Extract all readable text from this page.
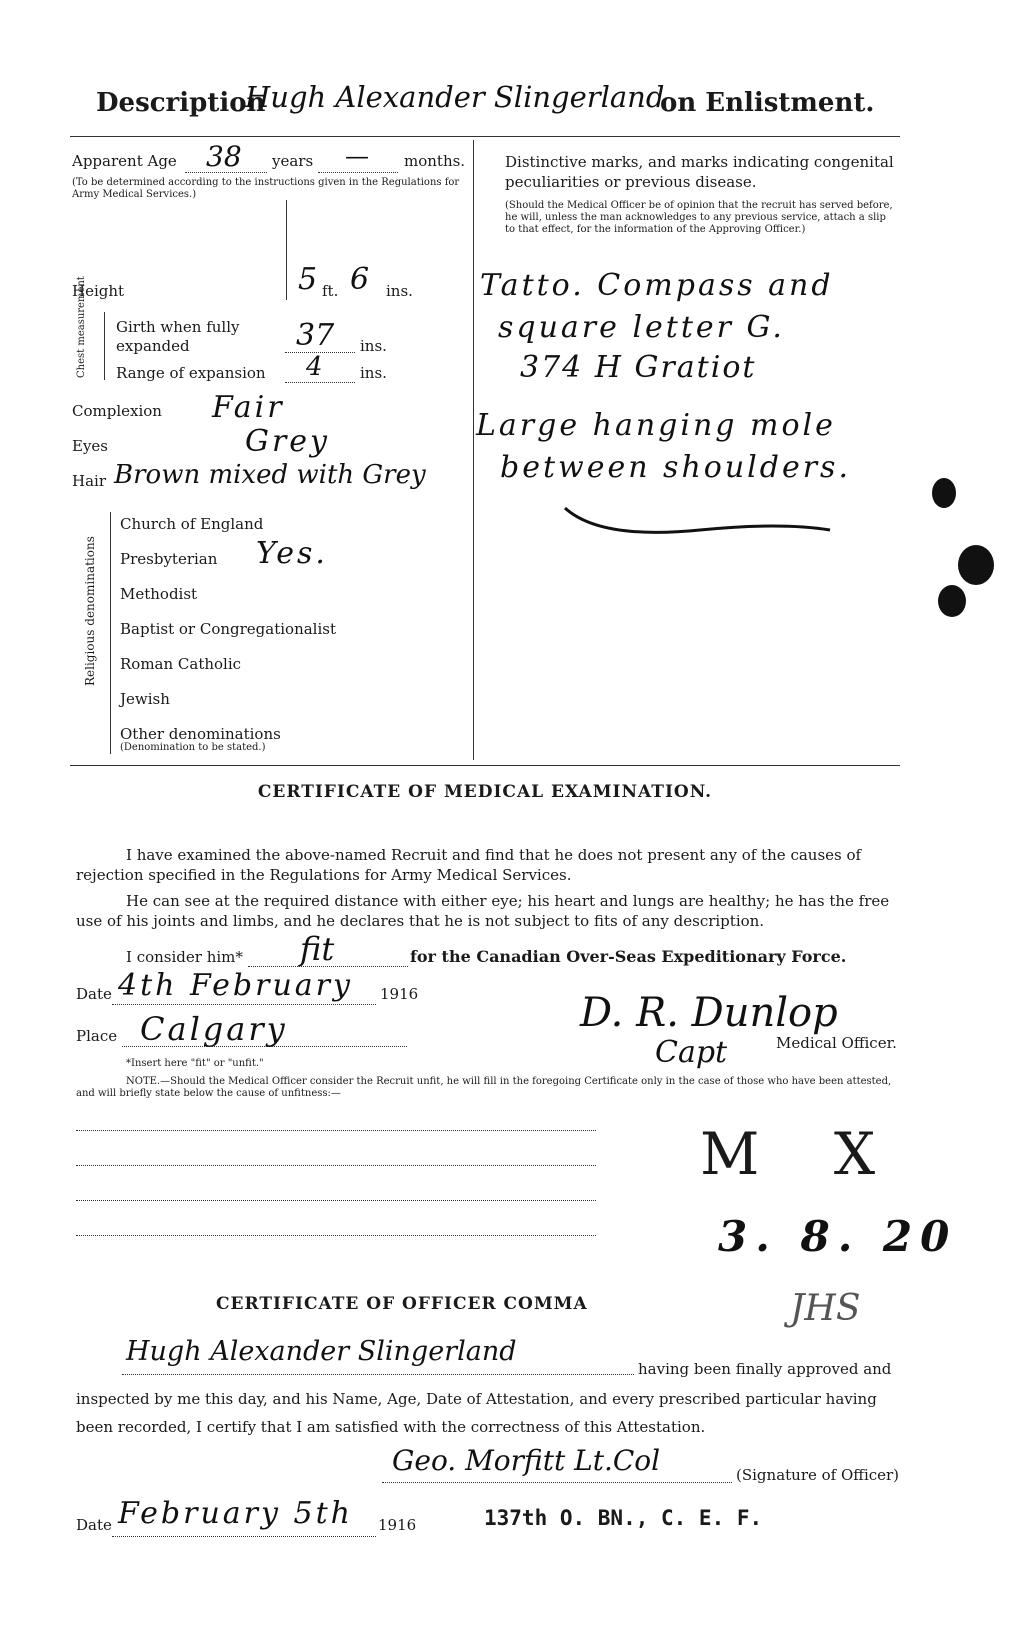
Description
Hugh Alexander Slingerland
on Enlistment.
Apparent Age 38 years — months.
(To be determined according to the instructions given in the Regulations for Army Medical Services.)
Distinctive marks, and marks indicating congenital peculiarities or previous disease.
(Should the Medical Officer be of opinion that the recruit has served before, he will, unless the man acknowledges to any previous service, attach a slip to that effect, for the information of the Approving Officer.)
Tatto. Compass and
square letter G.
374 H Gratiot
Large hanging mole
between shoulders.
Height	5 ft. 6 ins.
Chest measurement Girth when fully expanded	37 ins.
Range of expansion 4 ins.
Complexion Fair
Eyes	Grey
Hair Brown mixed with Grey
Religious denominations
Church of England
Presbyterian Yes.
Methodist
Baptist or Congregationalist
Roman Catholic
Jewish
Other denominations
(Denomination to be stated.)
CERTIFICATE OF MEDICAL EXAMINATION.
I have examined the above-named Recruit and find that he does not present any of the causes of rejection specified in the Regulations for Army Medical Services.
He can see at the required distance with either eye; his heart and lungs are healthy; he has the free use of his joints and limbs, and he declares that he is not subject to fits of any description.
I consider him* fit	for the Canadian Over-Seas Expeditionary Force.
Date 4th February 1916
Place Calgary	D. R. Dunlop
Capt	Medical Officer.
*Insert here "fit" or "unfit."
NOTE.—Should the Medical Officer consider the Recruit unfit, he will fill in the foregoing Certificate only in the case of those who have been attested, and will briefly state below the cause of unfitness:—
M X
3. 8. 20
JHS
CERTIFICATE OF OFFICER COMMA
Hugh Alexander Slingerland
having been finally approved and
inspected by me this day, and his Name, Age, Date of Attestation, and every prescribed particular having
been recorded, I certify that I am satisfied with the correctness of this Attestation.
Geo. Morfitt Lt.Col	(Signature of Officer)
Date February 5th 1916	137th O. BN., C. E. F.
